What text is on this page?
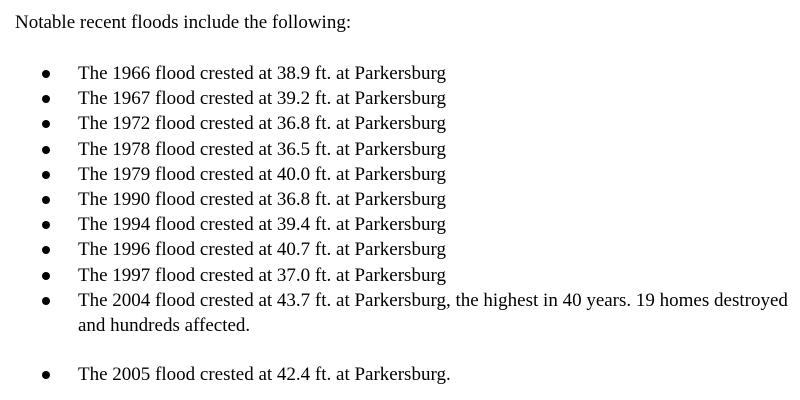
Notable recent floods include the following:
The 1966 flood crested at 38.9 ft. at Parkersburg
The 1967 flood crested at 39.2 ft. at Parkersburg
The 1972 flood crested at 36.8 ft. at Parkersburg
The 1978 flood crested at 36.5 ft. at Parkersburg
The 1979 flood crested at 40.0 ft. at Parkersburg
The 1990 flood crested at 36.8 ft. at Parkersburg
The 1994 flood crested at 39.4 ft. at Parkersburg
The 1996 flood crested at 40.7 ft. at Parkersburg
The 1997 flood crested at 37.0 ft. at Parkersburg
The 2004 flood crested at 43.7 ft. at Parkersburg, the highest in 40 years. 19 homes destroyed and hundreds affected.
The 2005 flood crested at 42.4 ft. at Parkersburg.
